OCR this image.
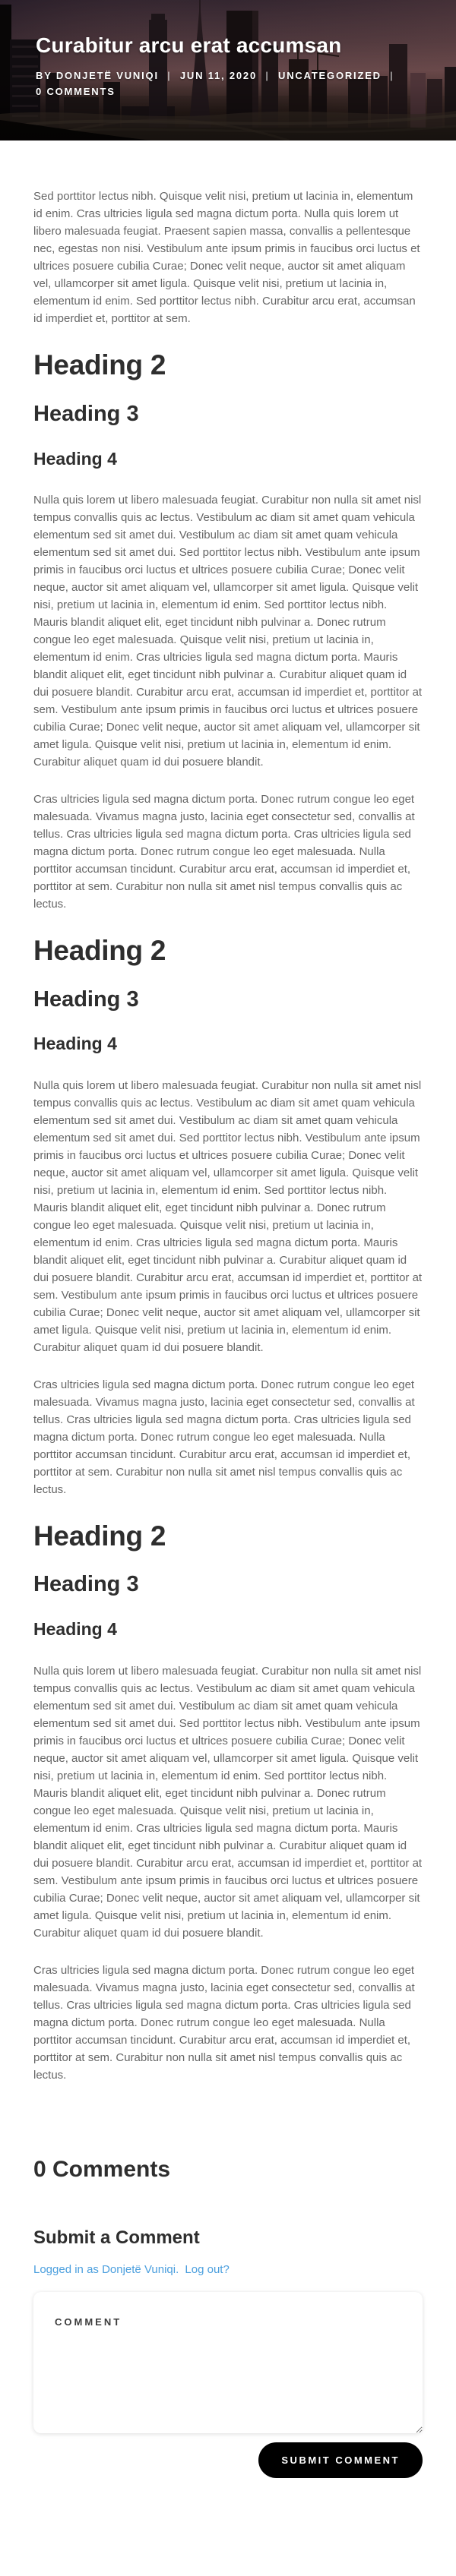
Curabitur arcu erat accumsan

BY DONJETË VUNIQI | JUN 11, 2020 | UNCATEGORIZED | 0 COMMENTS

Sed porttitor lectus nibh. Quisque velit nisi, pretium ut lacinia in, elementum id enim. Cras ultricies ligula sed magna dictum porta. Nulla quis lorem ut libero malesuada feugiat. Praesent sapien massa, convallis a pellentesque nec, egestas non nisi. Vestibulum ante ipsum primis in faucibus orci luctus et ultrices posuere cubilia Curae; Donec velit neque, auctor sit amet aliquam vel, ullamcorper sit amet ligula. Quisque velit nisi, pretium ut lacinia in, elementum id enim. Sed porttitor lectus nibh. Curabitur arcu erat, accumsan id imperdiet et, porttitor at sem.

Heading 2
Heading 3
Heading 4

Nulla quis lorem ut libero malesuada feugiat. Curabitur non nulla sit amet nisl tempus convallis quis ac lectus. Vestibulum ac diam sit amet quam vehicula elementum sed sit amet dui. Vestibulum ac diam sit amet quam vehicula elementum sed sit amet dui. Sed porttitor lectus nibh. Vestibulum ante ipsum primis in faucibus orci luctus et ultrices posuere cubilia Curae; Donec velit neque, auctor sit amet aliquam vel, ullamcorper sit amet ligula. Quisque velit nisi, pretium ut lacinia in, elementum id enim. Sed porttitor lectus nibh. Mauris blandit aliquet elit, eget tincidunt nibh pulvinar a. Donec rutrum congue leo eget malesuada. Quisque velit nisi, pretium ut lacinia in, elementum id enim. Cras ultricies ligula sed magna dictum porta. Mauris blandit aliquet elit, eget tincidunt nibh pulvinar a. Curabitur aliquet quam id dui posuere blandit. Curabitur arcu erat, accumsan id imperdiet et, porttitor at sem. Vestibulum ante ipsum primis in faucibus orci luctus et ultrices posuere cubilia Curae; Donec velit neque, auctor sit amet aliquam vel, ullamcorper sit amet ligula. Quisque velit nisi, pretium ut lacinia in, elementum id enim. Curabitur aliquet quam id dui posuere blandit.

Cras ultricies ligula sed magna dictum porta. Donec rutrum congue leo eget malesuada. Vivamus magna justo, lacinia eget consectetur sed, convallis at tellus. Cras ultricies ligula sed magna dictum porta. Cras ultricies ligula sed magna dictum porta. Donec rutrum congue leo eget malesuada. Nulla porttitor accumsan tincidunt. Curabitur arcu erat, accumsan id imperdiet et, porttitor at sem. Curabitur non nulla sit amet nisl tempus convallis quis ac lectus.

Heading 2
Heading 3
Heading 4

Nulla quis lorem ut libero malesuada feugiat. Curabitur non nulla sit amet nisl tempus convallis quis ac lectus. Vestibulum ac diam sit amet quam vehicula elementum sed sit amet dui. Vestibulum ac diam sit amet quam vehicula elementum sed sit amet dui. Sed porttitor lectus nibh. Vestibulum ante ipsum primis in faucibus orci luctus et ultrices posuere cubilia Curae; Donec velit neque, auctor sit amet aliquam vel, ullamcorper sit amet ligula. Quisque velit nisi, pretium ut lacinia in, elementum id enim. Sed porttitor lectus nibh. Mauris blandit aliquet elit, eget tincidunt nibh pulvinar a. Donec rutrum congue leo eget malesuada. Quisque velit nisi, pretium ut lacinia in, elementum id enim. Cras ultricies ligula sed magna dictum porta. Mauris blandit aliquet elit, eget tincidunt nibh pulvinar a. Curabitur aliquet quam id dui posuere blandit. Curabitur arcu erat, accumsan id imperdiet et, porttitor at sem. Vestibulum ante ipsum primis in faucibus orci luctus et ultrices posuere cubilia Curae; Donec velit neque, auctor sit amet aliquam vel, ullamcorper sit amet ligula. Quisque velit nisi, pretium ut lacinia in, elementum id enim. Curabitur aliquet quam id dui posuere blandit.

Cras ultricies ligula sed magna dictum porta. Donec rutrum congue leo eget malesuada. Vivamus magna justo, lacinia eget consectetur sed, convallis at tellus. Cras ultricies ligula sed magna dictum porta. Cras ultricies ligula sed magna dictum porta. Donec rutrum congue leo eget malesuada. Nulla porttitor accumsan tincidunt. Curabitur arcu erat, accumsan id imperdiet et, porttitor at sem. Curabitur non nulla sit amet nisl tempus convallis quis ac lectus.

Heading 2
Heading 3
Heading 4

Nulla quis lorem ut libero malesuada feugiat. Curabitur non nulla sit amet nisl tempus convallis quis ac lectus. Vestibulum ac diam sit amet quam vehicula elementum sed sit amet dui. Vestibulum ac diam sit amet quam vehicula elementum sed sit amet dui. Sed porttitor lectus nibh. Vestibulum ante ipsum primis in faucibus orci luctus et ultrices posuere cubilia Curae; Donec velit neque, auctor sit amet aliquam vel, ullamcorper sit amet ligula. Quisque velit nisi, pretium ut lacinia in, elementum id enim. Sed porttitor lectus nibh. Mauris blandit aliquet elit, eget tincidunt nibh pulvinar a. Donec rutrum congue leo eget malesuada. Quisque velit nisi, pretium ut lacinia in, elementum id enim. Cras ultricies ligula sed magna dictum porta. Mauris blandit aliquet elit, eget tincidunt nibh pulvinar a. Curabitur aliquet quam id dui posuere blandit. Curabitur arcu erat, accumsan id imperdiet et, porttitor at sem. Vestibulum ante ipsum primis in faucibus orci luctus et ultrices posuere cubilia Curae; Donec velit neque, auctor sit amet aliquam vel, ullamcorper sit amet ligula. Quisque velit nisi, pretium ut lacinia in, elementum id enim. Curabitur aliquet quam id dui posuere blandit.

Cras ultricies ligula sed magna dictum porta. Donec rutrum congue leo eget malesuada. Vivamus magna justo, lacinia eget consectetur sed, convallis at tellus. Cras ultricies ligula sed magna dictum porta. Cras ultricies ligula sed magna dictum porta. Donec rutrum congue leo eget malesuada. Nulla porttitor accumsan tincidunt. Curabitur arcu erat, accumsan id imperdiet et, porttitor at sem. Curabitur non nulla sit amet nisl tempus convallis quis ac lectus.

0 Comments
Submit a Comment

Logged in as Donjetë Vuniqi. Log out?

COMMENT
SUBMIT COMMENT
